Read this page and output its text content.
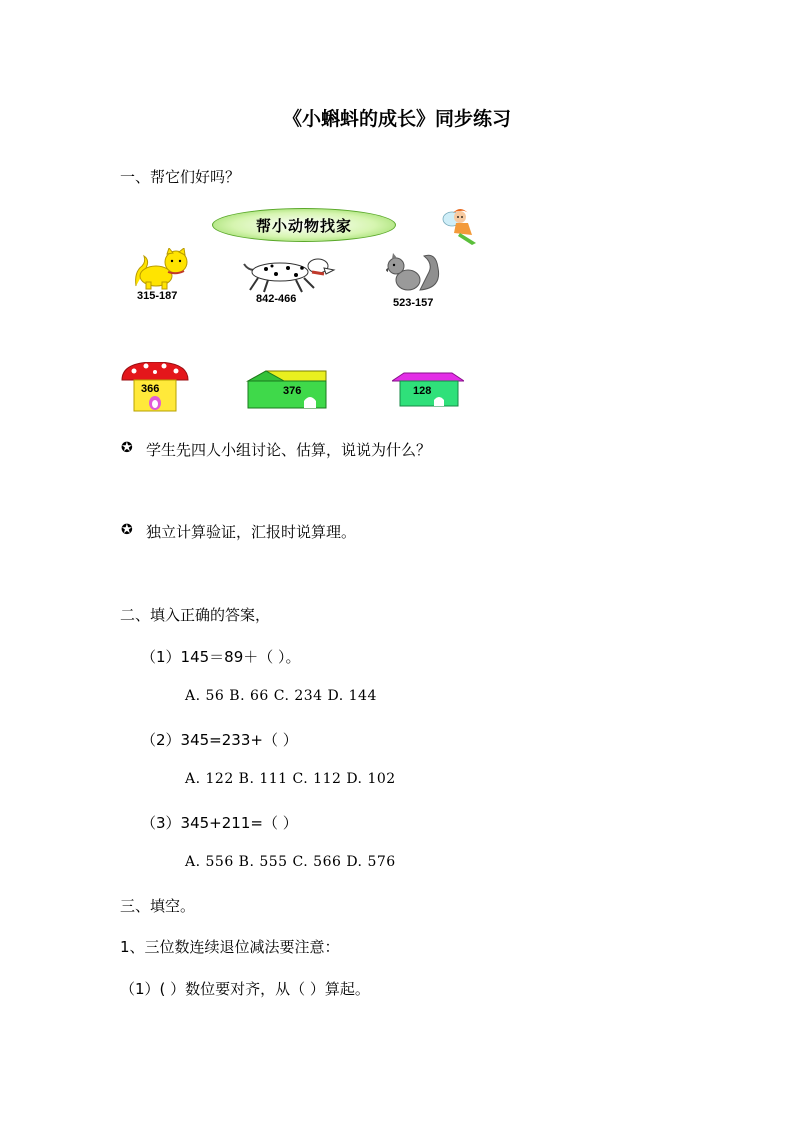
《小蝌蚪的成长》同步练习
一、帮它们好吗？
帮小动物找家
315-187	842-466	523-157
366	376	128
✪ 学生先四人小组讨论、估算，说说为什么？
✪ 独立计算验证，汇报时说算理。
二、填入正确的答案，
（1）145＝89＋（ ）。
A. 56 B. 66 C. 234 D. 144
（2）345=233+（ ）
A. 122 B. 111 C. 112 D. 102
（3）345+211=（ ）
A. 556 B. 555 C. 566 D. 576
三、填空。
1、三位数连续退位减法要注意：
（1）( ）数位要对齐，从（ ）算起。
